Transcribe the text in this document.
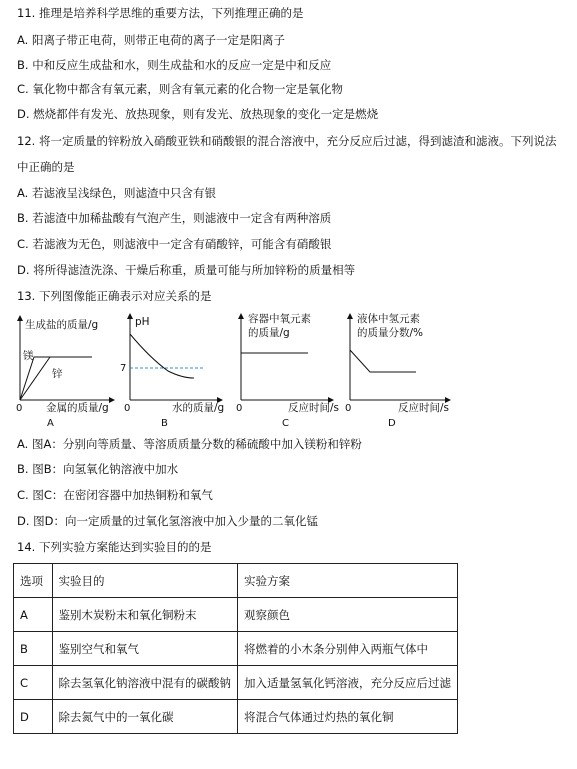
11. 推理是培养科学思维的重要方法，下列推理正确的是
A. 阳离子带正电荷，则带正电荷的离子一定是阳离子
B. 中和反应生成盐和水，则生成盐和水的反应一定是中和反应
C. 氧化物中都含有氧元素，则含有氧元素的化合物一定是氧化物
D. 燃烧都伴有发光、放热现象，则有发光、放热现象的变化一定是燃烧
12. 将一定质量的锌粉放入硝酸亚铁和硝酸银的混合溶液中，充分反应后过滤，得到滤渣和滤液。下列说法
中正确的是
A. 若滤液呈浅绿色，则滤渣中只含有银
B. 若滤渣中加稀盐酸有气泡产生，则滤液中一定含有两种溶质
C. 若滤液为无色，则滤液中一定含有硝酸锌，可能含有硝酸银
D. 将所得滤渣洗涤、干燥后称重，质量可能与所加锌粉的质量相等
13. 下列图像能正确表示对应关系的是
生成盐的质量/g
金属的质量/g
0
镁
锌
A
pH
7
水的质量/g
0
B
容器中氧元素
的质量/g
反应时间/s
0
C
液体中氢元素
的质量分数/%
反应时间/s
0
D
A. 图A：分别向等质量、等溶质质量分数的稀硫酸中加入镁粉和锌粉
B. 图B：向氢氧化钠溶液中加水
C. 图C：在密闭容器中加热铜粉和氧气
D. 图D：向一定质量的过氧化氢溶液中加入少量的二氧化锰
14. 下列实验方案能达到实验目的的是
选项	实验目的	实验方案
A	鉴别木炭粉末和氧化铜粉末	观察颜色
B	鉴别空气和氧气	将燃着的小木条分别伸入两瓶气体中
C	除去氢氧化钠溶液中混有的碳酸钠	加入适量氢氧化钙溶液，充分反应后过滤
D	除去氮气中的一氧化碳	将混合气体通过灼热的氧化铜
